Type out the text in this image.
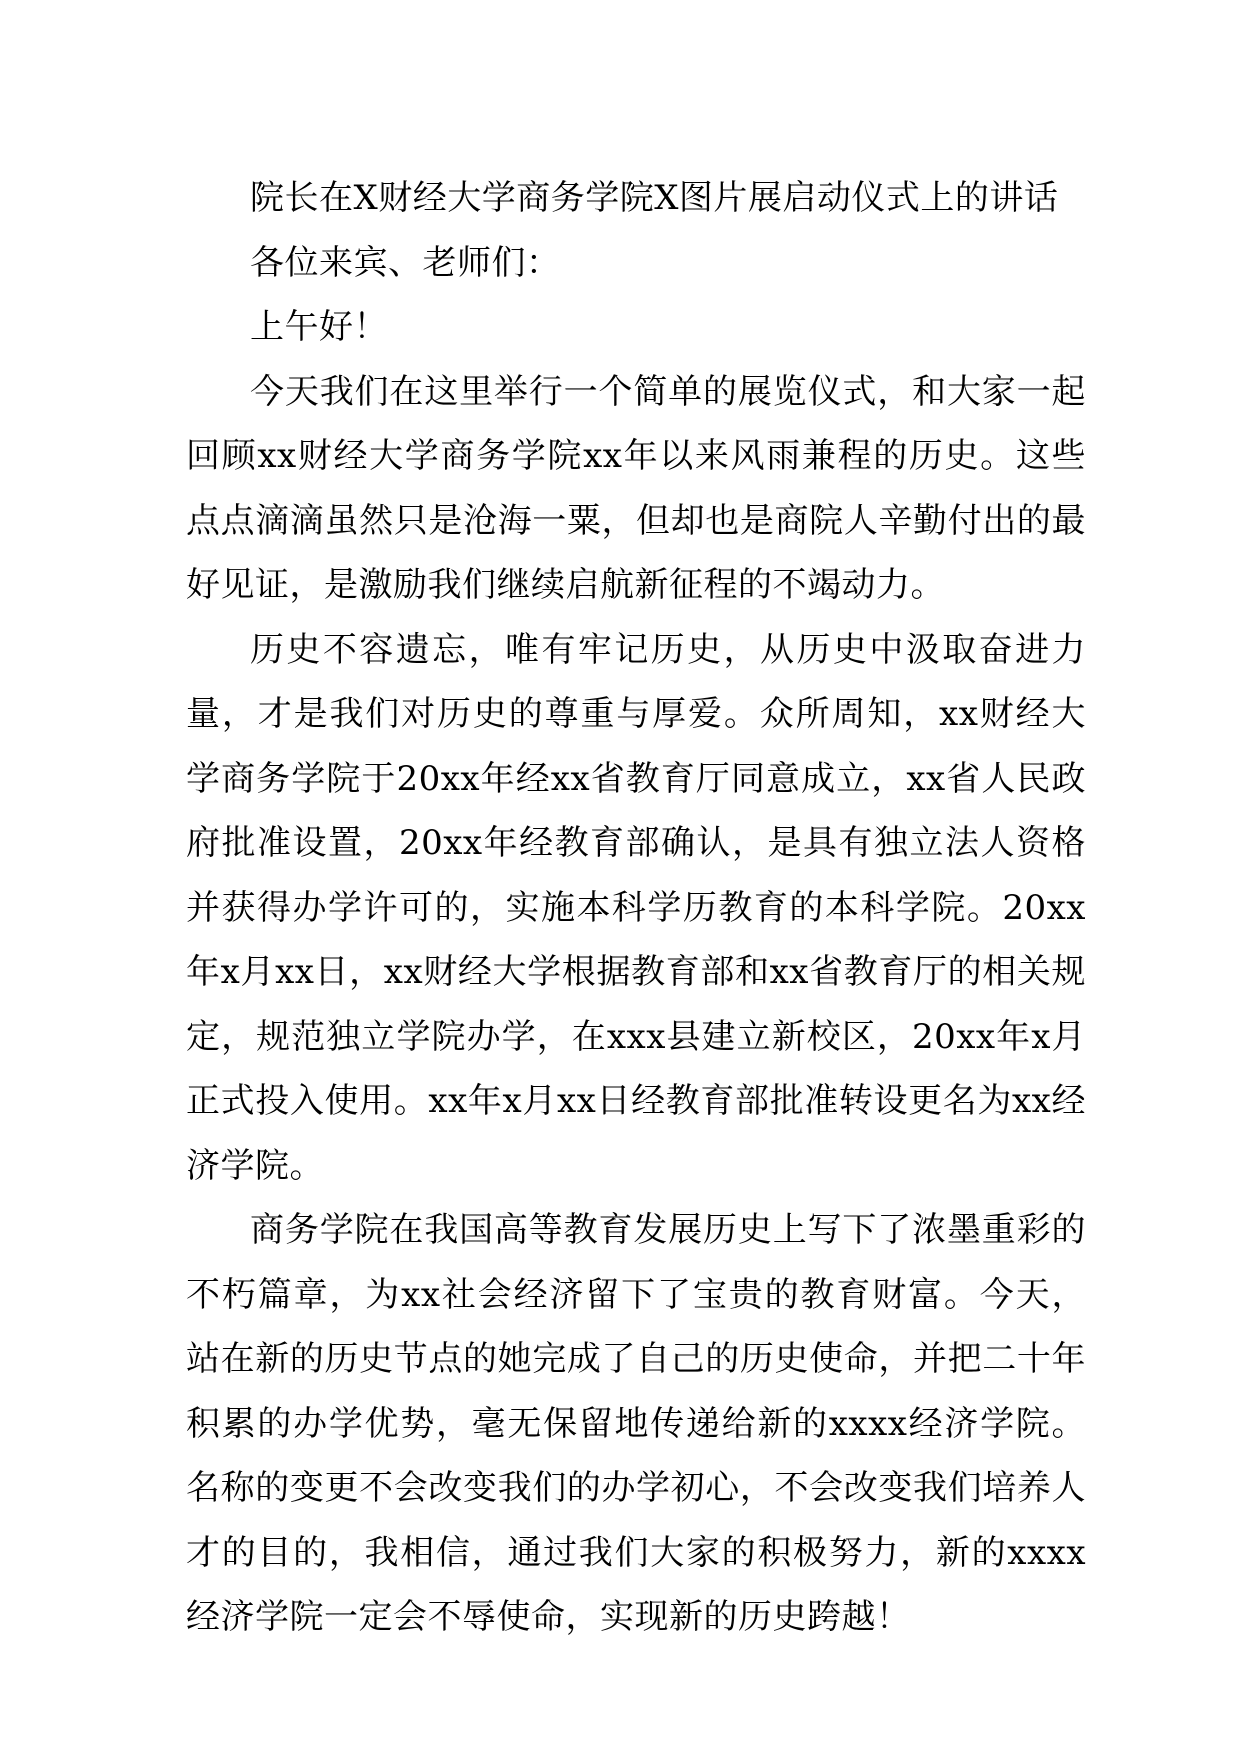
院长在X财经大学商务学院X图片展启动仪式上的讲话

各位来宾、老师们：

上午好！

今天我们在这里举行一个简单的展览仪式，和大家一起回顾xx财经大学商务学院xx年以来风雨兼程的历史。这些点点滴滴虽然只是沧海一粟，但却也是商院人辛勤付出的最好见证，是激励我们继续启航新征程的不竭动力。

历史不容遗忘，唯有牢记历史，从历史中汲取奋进力量，才是我们对历史的尊重与厚爱。众所周知，xx财经大学商务学院于20xx年经xx省教育厅同意成立，xx省人民政府批准设置，20xx年经教育部确认，是具有独立法人资格并获得办学许可的，实施本科学历教育的本科学院。20xx年x月xx日，xx财经大学根据教育部和xx省教育厅的相关规定，规范独立学院办学，在xxx县建立新校区，20xx年x月正式投入使用。xx年x月xx日经教育部批准转设更名为xx经济学院。

商务学院在我国高等教育发展历史上写下了浓墨重彩的不朽篇章，为xx社会经济留下了宝贵的教育财富。今天，站在新的历史节点的她完成了自己的历史使命，并把二十年积累的办学优势，毫无保留地传递给新的xxxx经济学院。名称的变更不会改变我们的办学初心，不会改变我们培养人才的目的，我相信，通过我们大家的积极努力，新的xxxx经济学院一定会不辱使命，实现新的历史跨越！
